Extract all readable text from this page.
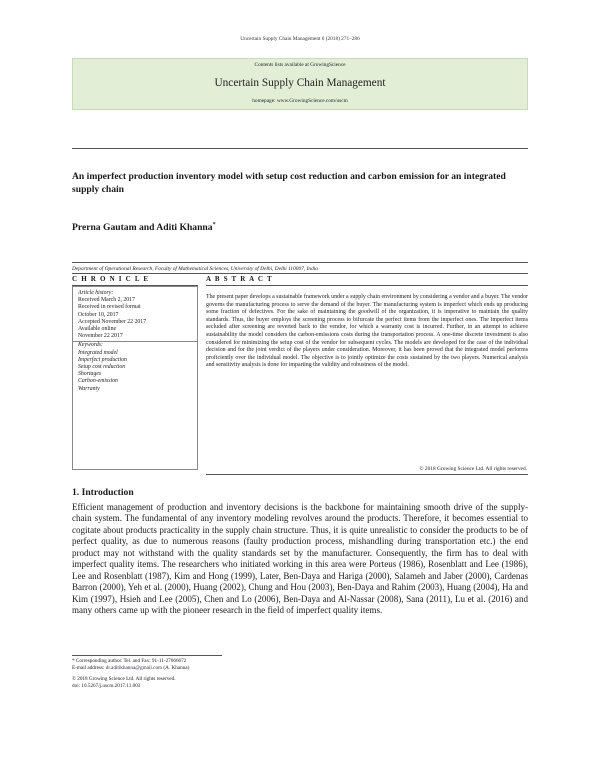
Uncertain Supply Chain Management 6 (2018) 271–286
Contents lists available at GrowingScience
Uncertain Supply Chain Management
homepage: www.GrowingScience.com/uscm
An imperfect production inventory model with setup cost reduction and carbon emission for an integrated supply chain
Prerna Gautam and Aditi Khanna*
Department of Operational Research, Faculty of Mathematical Sciences, University of Delhi, Delhi 110007, India
C H R O N I C L E	A B S T R A C T
Article history:
Received March 2, 2017
Received in revised format
October 10, 2017
Accepted November 22 2017
Available online
November 22 2017
Keywords:
Integrated model
Imperfect production
Setup cost reduction
Shortages
Carbon-emission
Warranty
The present paper develops a sustainable framework under a supply chain environment by considering a vendor and a buyer. The vendor governs the manufacturing process to serve the demand of the buyer. The manufacturing system is imperfect which ends up producing some fraction of defectives. For the sake of maintaining the goodwill of the organization, it is imperative to maintain the quality standards. Thus, the buyer employs the screening process to bifurcate the perfect items from the imperfect ones. The imperfect items secluded after screening are reverted back to the vendor, for which a warranty cost is incurred. Further, in an attempt to achieve sustainability the model considers the carbon-emissions costs during the transportation process. A one-time discrete investment is also considered for minimizing the setup cost of the vendor for subsequent cycles. The models are developed for the case of the individual decision and for the joint verdict of the players under consideration. Moreover, it has been proved that the integrated model performs proficiently over the individual model. The objective is to jointly optimize the costs sustained by the two players. Numerical analysis and sensitivity analysis is done for imparting the validity and robustness of the model.
© 2018 Growing Science Ltd. All rights reserved.
1. Introduction
Efficient management of production and inventory decisions is the backbone for maintaining smooth drive of the supply-chain system. The fundamental of any inventory modeling revolves around the products. Therefore, it becomes essential to cogitate about products practicality in the supply chain structure. Thus, it is quite unrealistic to consider the products to be of perfect quality, as due to numerous reasons (faulty production process, mishandling during transportation etc.) the end product may not withstand with the quality standards set by the manufacturer. Consequently, the firm has to deal with imperfect quality items. The researchers who initiated working in this area were Porteus (1986), Rosenblatt and Lee (1986), Lee and Rosenblatt (1987), Kim and Hong (1999), Later, Ben-Daya and Hariga (2000), Salameh and Jaber (2000), Cardenas Barron (2000), Yeh et al. (2000), Huang (2002), Chung and Hou (2003), Ben-Daya and Rahim (2003), Huang (2004), Ha and Kim (1997), Hsieh and Lee (2005), Chen and Lo (2006), Ben-Daya and Al-Nassar (2008), Sana (2011), Lu et al. (2016) and many others came up with the pioneer research in the field of imperfect quality items.
* Corresponding author. Tel. and Fax: 91-11-27666672
E-mail address: dr.aditikhanna@gmail.com (A. Khanna)
© 2018 Growing Science Ltd. All rights reserved.
doi: 10.5267/j.uscm.2017.11.003
